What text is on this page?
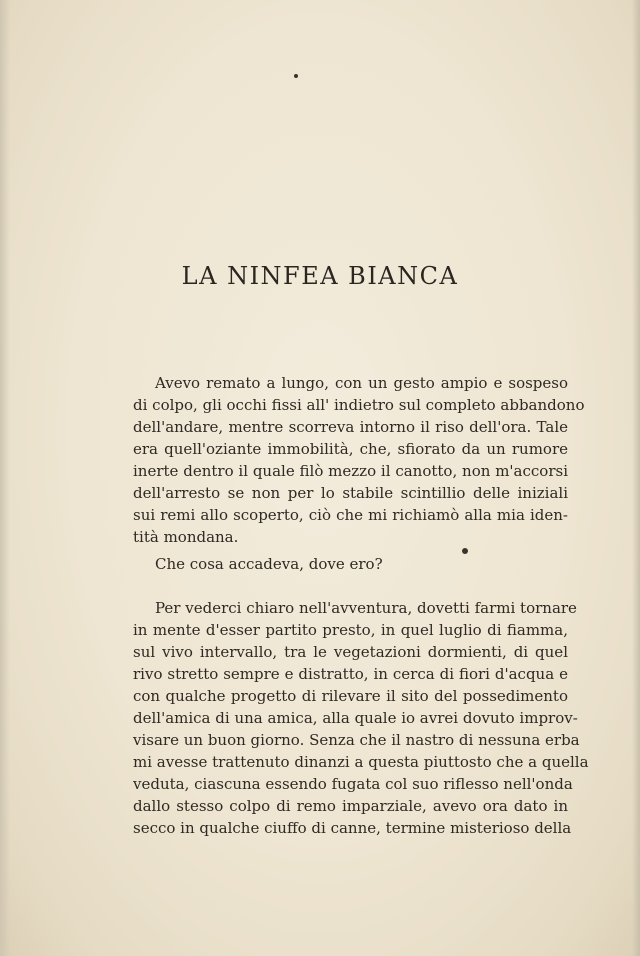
LA NINFEA BIANCA
Avevo remato a lungo, con un gesto ampio e sospeso
di colpo, gli occhi fissi all' indietro sul completo abbandono
dell'andare, mentre scorreva intorno il riso dell'ora. Tale
era quell'oziante immobilità, che, sfiorato da un rumore
inerte dentro il quale filò mezzo il canotto, non m'accorsi
dell'arresto se non per lo stabile scintillio delle iniziali
sui remi allo scoperto, ciò che mi richiamò alla mia iden-
tità mondana.
Che cosa accadeva, dove ero?
Per vederci chiaro nell'avventura, dovetti farmi tornare
in mente d'esser partito presto, in quel luglio di fiamma,
sul vivo intervallo, tra le vegetazioni dormienti, di quel
rivo stretto sempre e distratto, in cerca di fiori d'acqua e
con qualche progetto di rilevare il sito del possedimento
dell'amica di una amica, alla quale io avrei dovuto improv-
visare un buon giorno. Senza che il nastro di nessuna erba
mi avesse trattenuto dinanzi a questa piuttosto che a quella
veduta, ciascuna essendo fugata col suo riflesso nell'onda
dallo stesso colpo di remo imparziale, avevo ora dato in
secco in qualche ciuffo di canne, termine misterioso della
